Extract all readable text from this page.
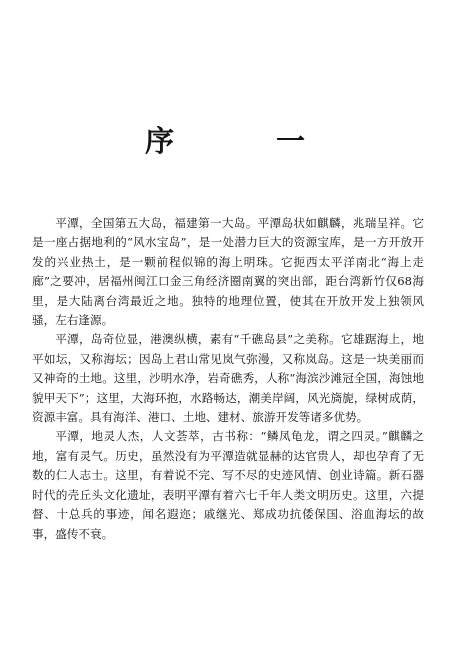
序 一

平潭，全国第五大岛，福建第一大岛。平潭岛状如麒麟，兆瑞呈祥。它是一座占据地利的“风水宝岛”，是一处潜力巨大的资源宝库，是一方开放开发的兴业热土，是一颗前程似锦的海上明珠。它扼西太平洋南北“海上走廊”之要冲，居福州闽江口金三角经济圈南翼的突出部，距台湾新竹仅68海里，是大陆离台湾最近之地。独特的地理位置，使其在开放开发上独领风骚，左右逢源。

平潭，岛奇位显，港澳纵横，素有“千礁岛县”之美称。它雄踞海上，地平如坛，又称海坛；因岛上君山常见岚气弥漫，又称岚岛。这是一块美丽而又神奇的土地。这里，沙明水净，岩奇礁秀，人称“海滨沙滩冠全国，海蚀地貌甲天下”；这里，大海环抱，水路畅达，潮美岸阔，风光旖旎，绿树成荫，资源丰富。具有海洋、港口、土地、建材、旅游开发等诸多优势。

平潭，地灵人杰，人文荟萃，古书称：“鳞凤龟龙，谓之四灵。”麒麟之地，富有灵气。历史，虽然没有为平潭造就显赫的达官贵人，却也孕育了无数的仁人志士。这里，有着说不完、写不尽的史迹风情、创业诗篇。新石器时代的壳丘头文化遗址，表明平潭有着六七千年人类文明历史。这里，六提督、十总兵的事迹，闻名遐迩；戚继光、郑成功抗倭保国、浴血海坛的故事，盛传不衰。
